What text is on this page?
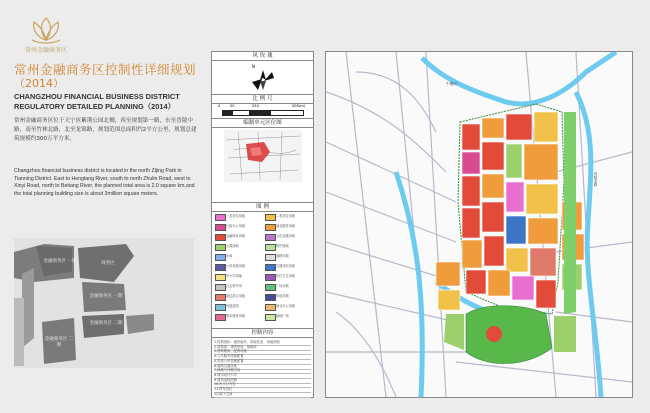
常州金融商务区
常州金融商务区控制性详细规划
（2014）
CHANGZHOU FINANCIAL BUSINESS DISTRICT
REGULATORY DETAILED PLANNING（2014）
常州金融商务区位于天宁区紫荆公园北侧，西至规划第一路，东至晋陵中路，南至竹林北路，北至龙锦路，规划范围总面积约2平方公里，规划总建筑规模约300万平方米。
Changzhou financial business district is located in the north Zijing Park in Tianning District. East to Hengtang River, south to north Zhulin Road, west to Xinyi Road, north to Beitang River, the planned total area is 2.0 square km,and the total planning building size is about 3million square meters.
金融商务区 一期	商务区
金融商务区 一期
金融商务区 二期
金融商务区 二期
风 玫 瑰
N
比 例 尺
0	50	250	500(m)
编制单元区位图
图 例
一类居住用地	二类居住用地
行政办公用地	商业服务用地
金融商务用地	文化设施用地
公园绿地	防护绿地
水域	道路用地
公用设施用地	交通场站用地
中小学用地	医疗卫生用地
社会停车场	广场用地
商住混合用地	供电用地
河道蓝线	商业办公用地
娱乐康体用地	绿地广场
控制内容
1.控制指标：地块编号、用地性质、用地面积
2.容积率、建筑密度、绿地率
3.建筑限高、配套设施
4.公共服务设施配置
5.市政公用设施配置
6.道路交通设施
7.绿地与开敞空间
8.城市设计引导
9.建筑退线控制
10.出入口方位
11.停车泊位
12.地下空间
牛塘河
晋陵北路
